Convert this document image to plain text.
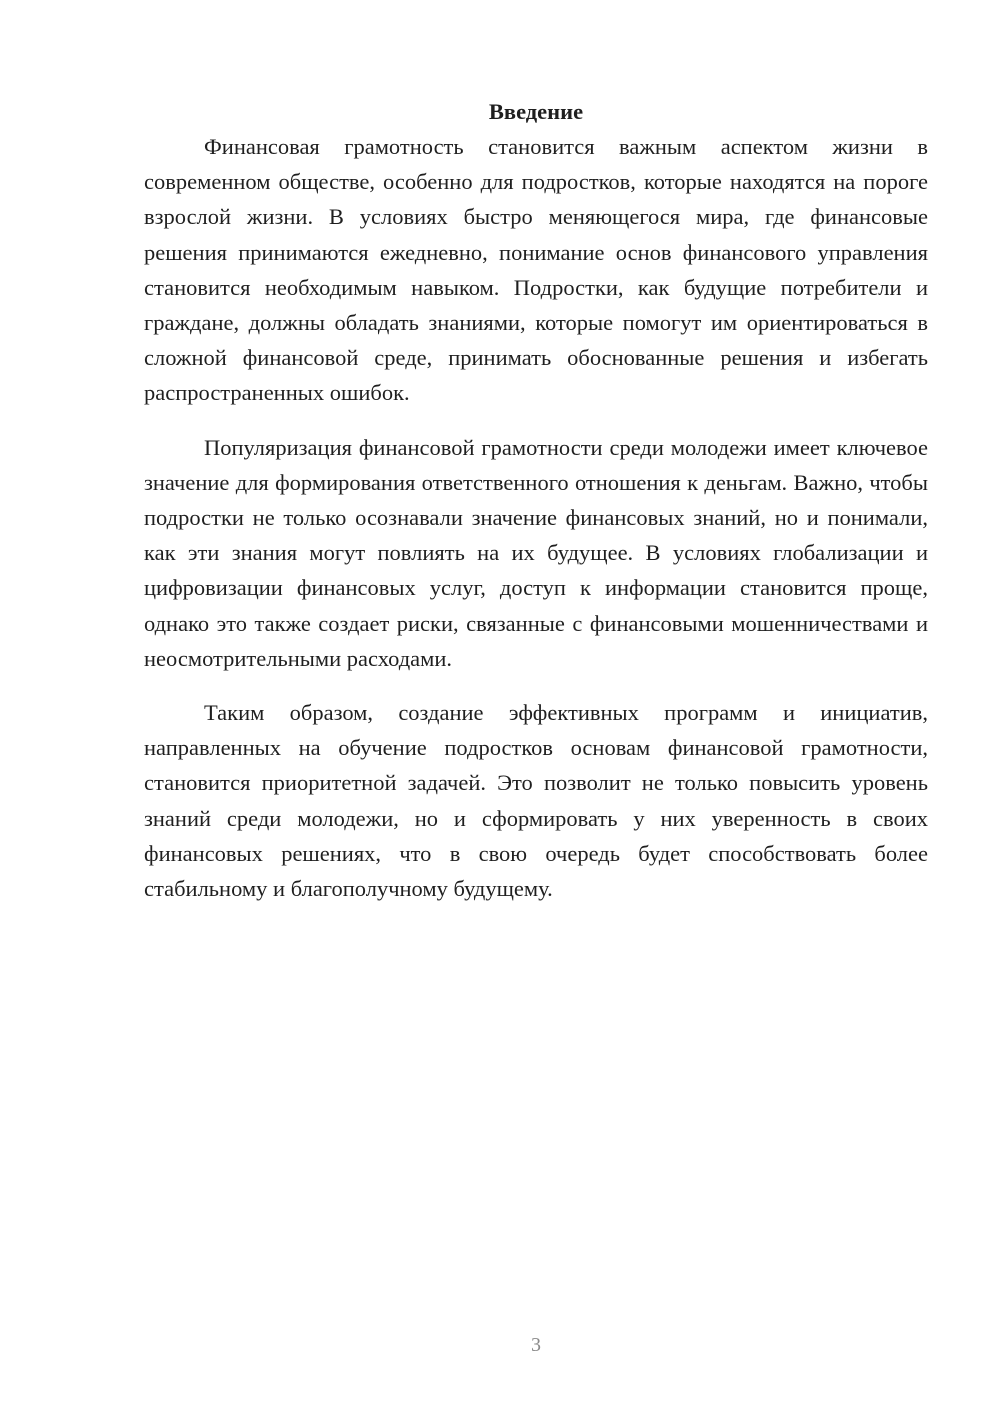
Введение

Финансовая грамотность становится важным аспектом жизни в современном обществе, особенно для подростков, которые находятся на пороге взрослой жизни. В условиях быстро меняющегося мира, где финансовые решения принимаются ежедневно, понимание основ финансового управления становится необходимым навыком. Подростки, как будущие потребители и граждане, должны обладать знаниями, которые помогут им ориентироваться в сложной финансовой среде, принимать обоснованные решения и избегать распространенных ошибок.

Популяризация финансовой грамотности среди молодежи имеет ключевое значение для формирования ответственного отношения к деньгам. Важно, чтобы подростки не только осознавали значение финансовых знаний, но и понимали, как эти знания могут повлиять на их будущее. В условиях глобализации и цифровизации финансовых услуг, доступ к информации становится проще, однако это также создает риски, связанные с финансовыми мошенничествами и неосмотрительными расходами.

Таким образом, создание эффективных программ и инициатив, направленных на обучение подростков основам финансовой грамотности, становится приоритетной задачей. Это позволит не только повысить уровень знаний среди молодежи, но и сформировать у них уверенность в своих финансовых решениях, что в свою очередь будет способствовать более стабильному и благополучному будущему.

3
